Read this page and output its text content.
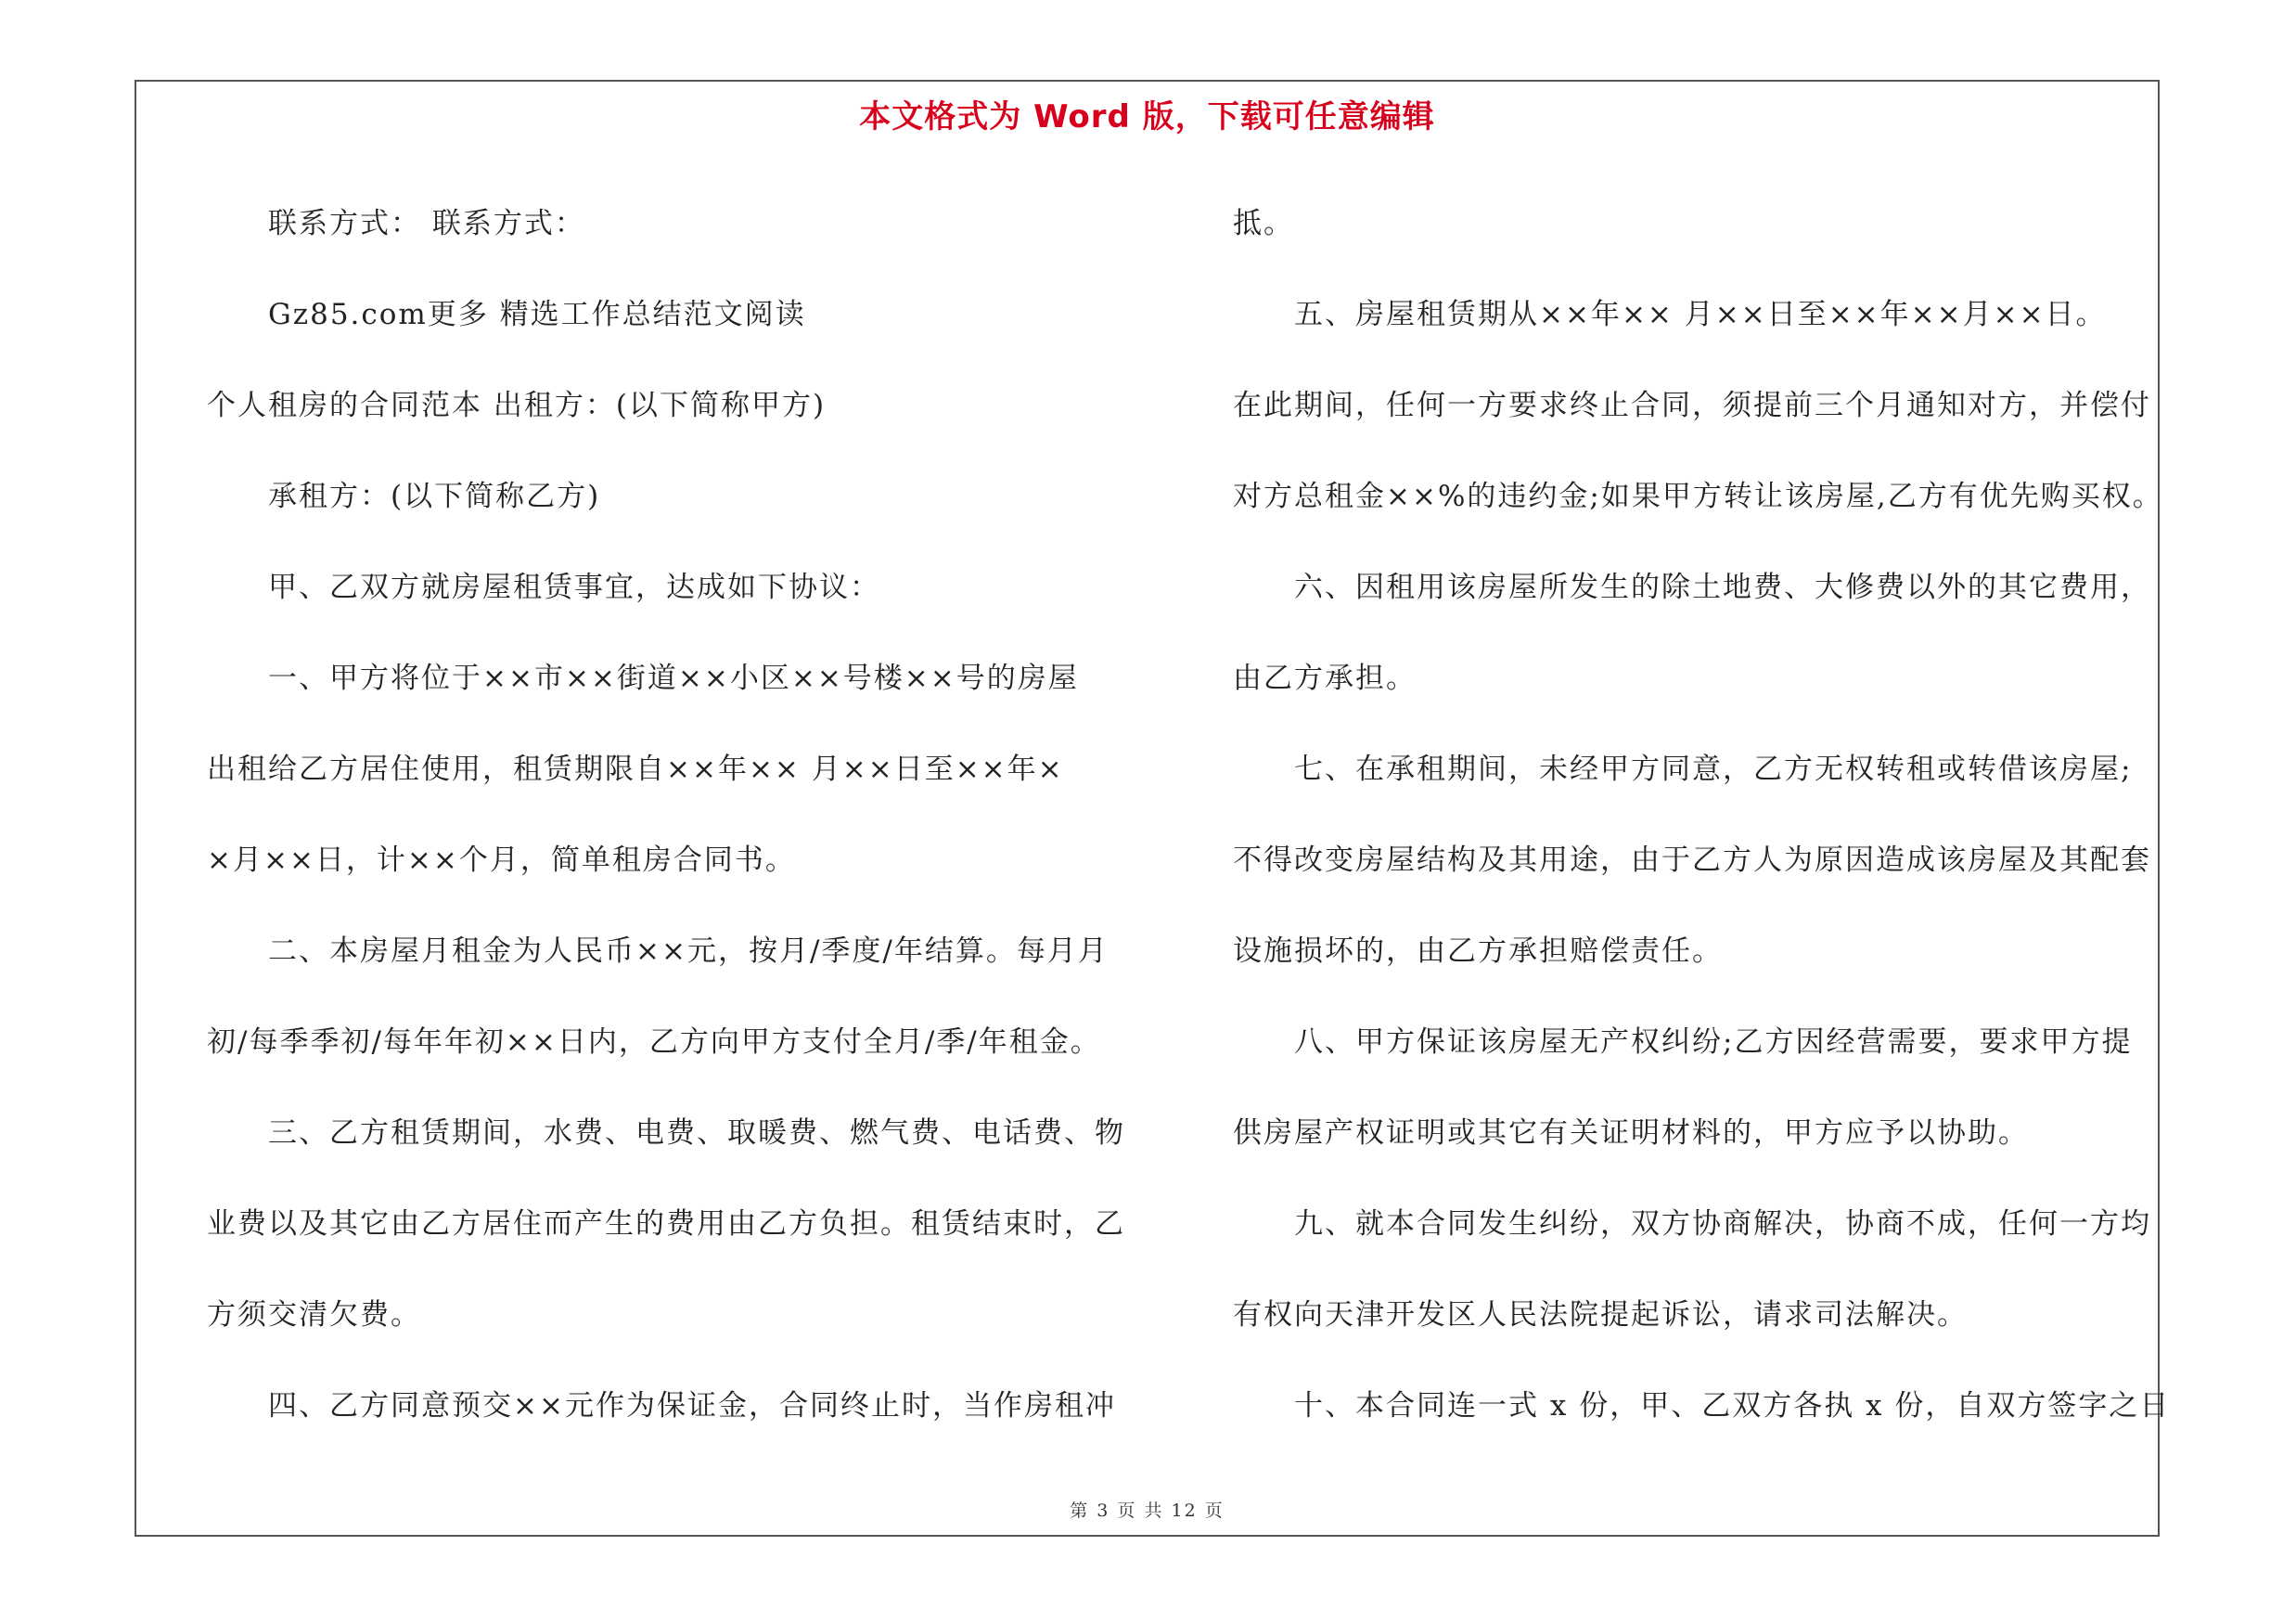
本文格式为 Word 版，下载可任意编辑
联系方式： 联系方式：
Gz85.com更多 精选工作总结范文阅读
个人租房的合同范本 出租方：(以下简称甲方)
承租方：(以下简称乙方)
甲、乙双方就房屋租赁事宜，达成如下协议：
一、甲方将位于××市××街道××小区××号楼××号的房屋
出租给乙方居住使用，租赁期限自××年×× 月××日至××年×
×月××日，计××个月，简单租房合同书。
二、本房屋月租金为人民币××元，按月/季度/年结算。每月月
初/每季季初/每年年初××日内，乙方向甲方支付全月/季/年租金。
三、乙方租赁期间，水费、电费、取暖费、燃气费、电话费、物
业费以及其它由乙方居住而产生的费用由乙方负担。租赁结束时，乙
方须交清欠费。
四、乙方同意预交××元作为保证金，合同终止时，当作房租冲
抵。
五、房屋租赁期从××年×× 月××日至××年××月××日。
在此期间，任何一方要求终止合同，须提前三个月通知对方，并偿付
对方总租金××%的违约金;如果甲方转让该房屋,乙方有优先购买权。
六、因租用该房屋所发生的除土地费、大修费以外的其它费用，
由乙方承担。
七、在承租期间，未经甲方同意，乙方无权转租或转借该房屋;
不得改变房屋结构及其用途，由于乙方人为原因造成该房屋及其配套
设施损坏的，由乙方承担赔偿责任。
八、甲方保证该房屋无产权纠纷;乙方因经营需要，要求甲方提
供房屋产权证明或其它有关证明材料的，甲方应予以协助。
九、就本合同发生纠纷，双方协商解决，协商不成，任何一方均
有权向天津开发区人民法院提起诉讼，请求司法解决。
十、本合同连一式 x 份，甲、乙双方各执 x 份，自双方签字之日
第 3 页 共 12 页
